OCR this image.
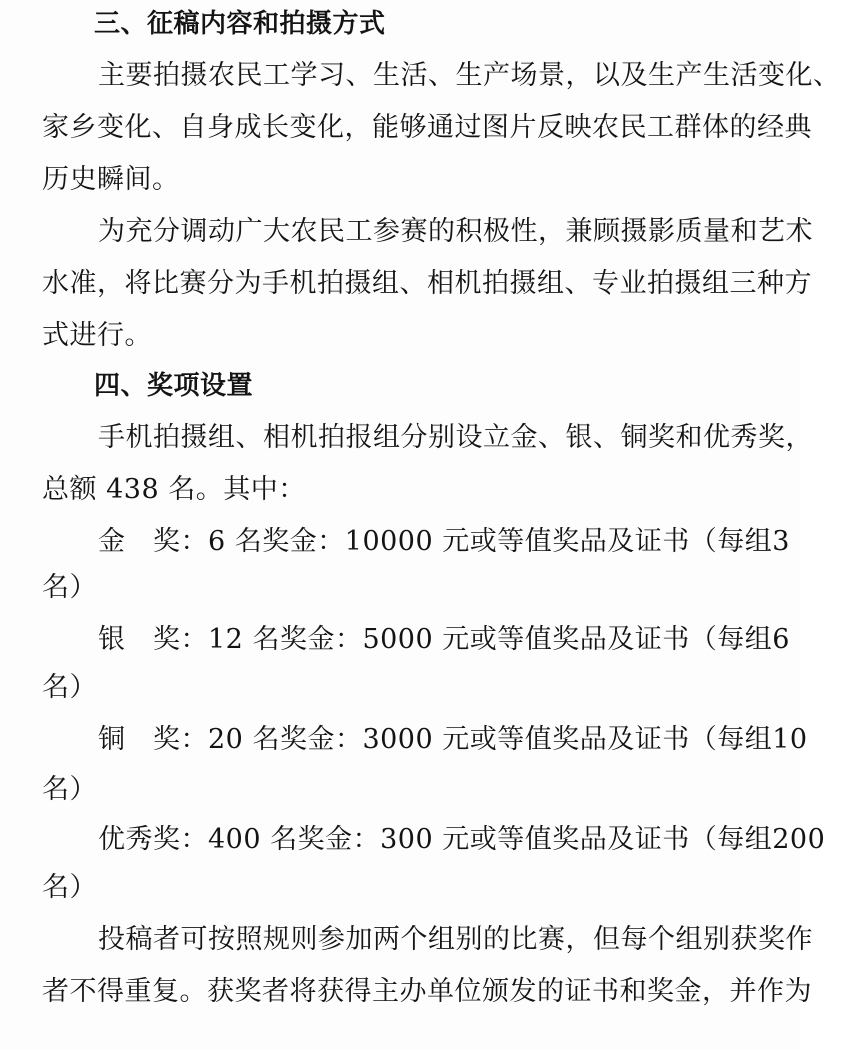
三、征稿内容和拍摄方式
主要拍摄农民工学习、生活、生产场景，以及生产生活变化、
家乡变化、自身成长变化，能够通过图片反映农民工群体的经典
历史瞬间。
为充分调动广大农民工参赛的积极性，兼顾摄影质量和艺术
水准，将比赛分为手机拍摄组、相机拍摄组、专业拍摄组三种方
式进行。
四、奖项设置
手机拍摄组、相机拍报组分别设立金、银、铜奖和优秀奖，
总额 438 名。其中：
金　奖： 6 名 奖金： 10000 元或等值奖品及证书（每组 3
名）
银　奖： 12 名 奖金： 5000 元或等值奖品及证书（每组 6
名）
铜　奖： 20 名 奖金： 3000 元或等值奖品及证书（每组 10
名）
优秀奖： 400 名 奖金： 300 元或等值奖品及证书（每组 200
名）
投稿者可按照规则参加两个组别的比赛，但每个组别获奖作
者不得重复。获奖者将获得主办单位颁发的证书和奖金，并作为
